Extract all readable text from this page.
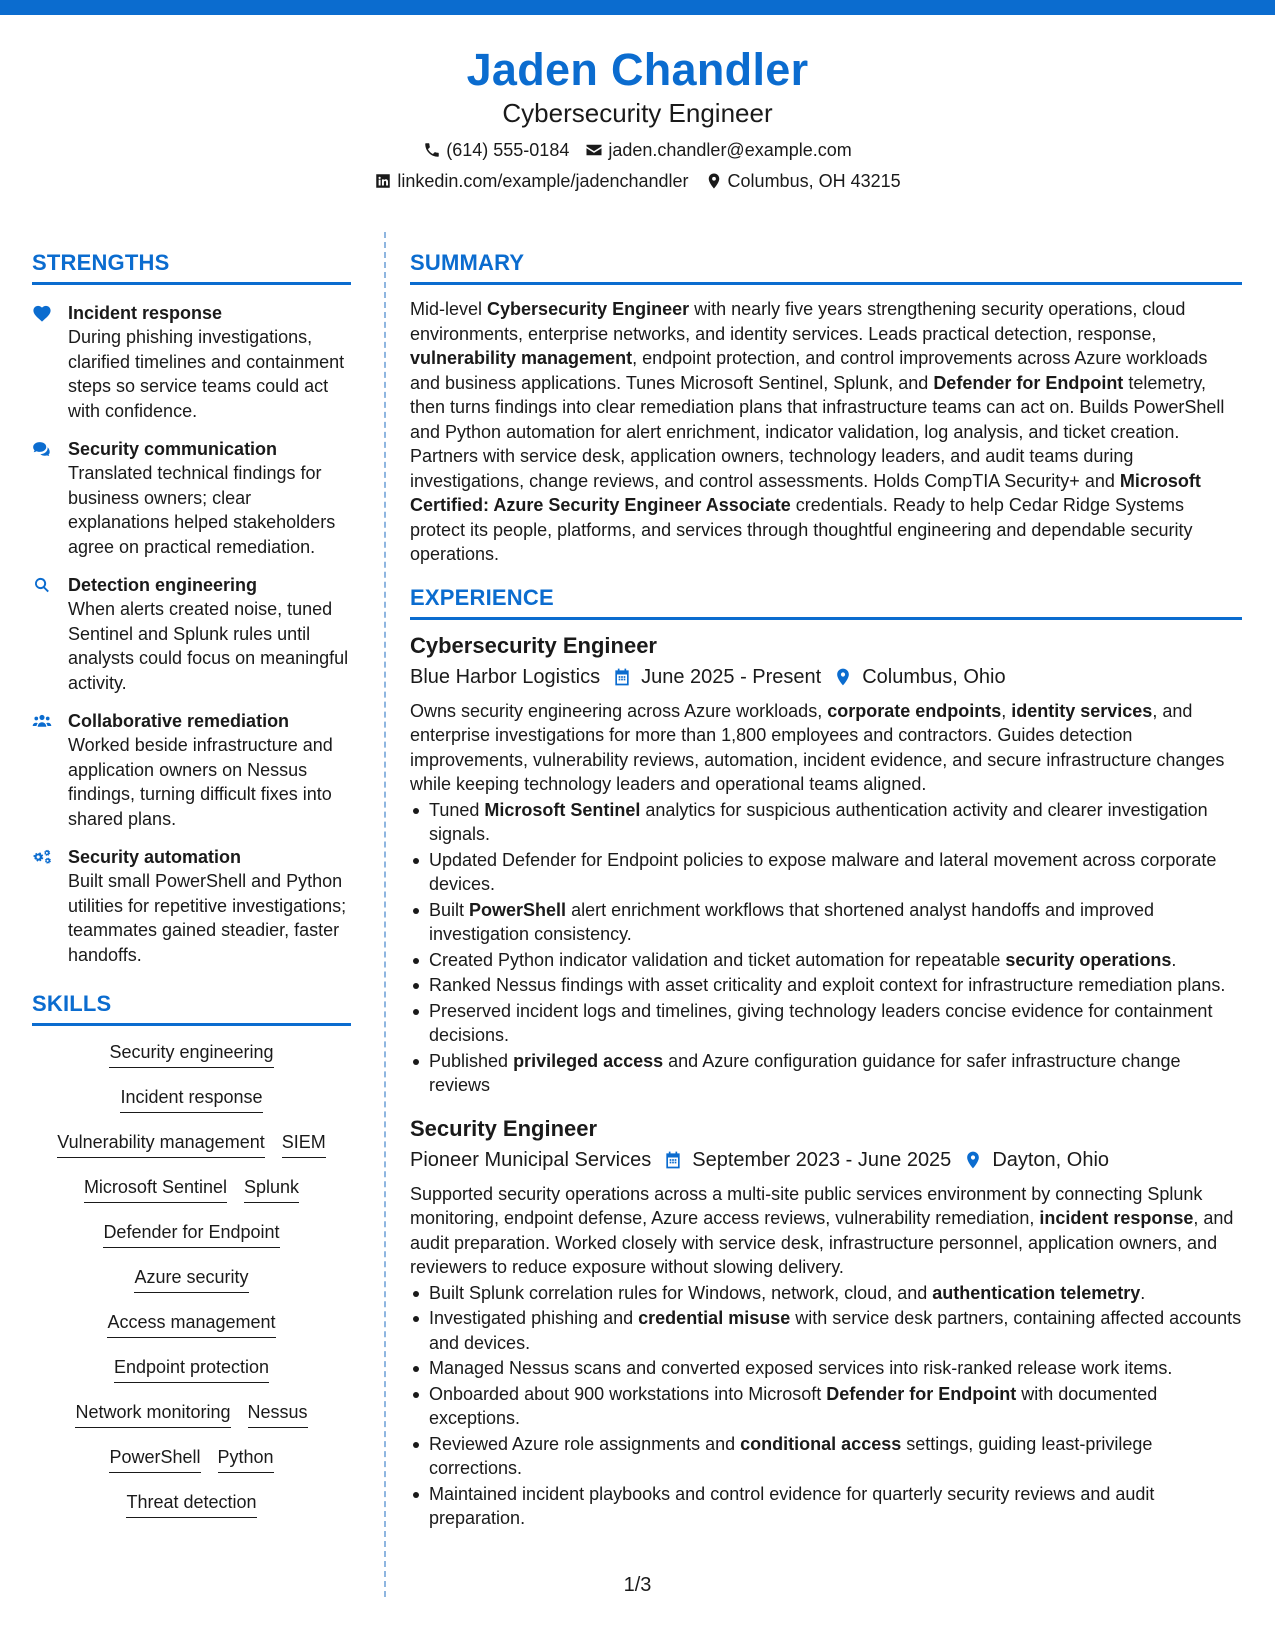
Jaden Chandler
Cybersecurity Engineer
(614) 555-0184 jaden.chandler@example.com
linkedin.com/example/jadenchandler Columbus, OH 43215
STRENGTHS
Incident response
During phishing investigations, clarified timelines and containment steps so service teams could act with confidence.
Security communication
Translated technical findings for business owners; clear explanations helped stakeholders agree on practical remediation.
Detection engineering
When alerts created noise, tuned Sentinel and Splunk rules until analysts could focus on meaningful activity.
Collaborative remediation
Worked beside infrastructure and application owners on Nessus findings, turning difficult fixes into shared plans.
Security automation
Built small PowerShell and Python utilities for repetitive investigations; teammates gained steadier, faster handoffs.
SKILLS
Security engineering
Incident response
Vulnerability management SIEM
Microsoft Sentinel Splunk
Defender for Endpoint
Azure security
Access management
Endpoint protection
Network monitoring Nessus
PowerShell Python
Threat detection
SUMMARY
Mid-level Cybersecurity Engineer with nearly five years strengthening security operations, cloud environments, enterprise networks, and identity services. Leads practical detection, response, vulnerability management, endpoint protection, and control improvements across Azure workloads and business applications. Tunes Microsoft Sentinel, Splunk, and Defender for Endpoint telemetry, then turns findings into clear remediation plans that infrastructure teams can act on. Builds PowerShell and Python automation for alert enrichment, indicator validation, log analysis, and ticket creation. Partners with service desk, application owners, technology leaders, and audit teams during investigations, change reviews, and control assessments. Holds CompTIA Security+ and Microsoft Certified: Azure Security Engineer Associate credentials. Ready to help Cedar Ridge Systems protect its people, platforms, and services through thoughtful engineering and dependable security operations.
EXPERIENCE
Cybersecurity Engineer
Blue Harbor Logistics June 2025 - Present Columbus, Ohio
Owns security engineering across Azure workloads, corporate endpoints, identity services, and enterprise investigations for more than 1,800 employees and contractors. Guides detection improvements, vulnerability reviews, automation, incident evidence, and secure infrastructure changes while keeping technology leaders and operational teams aligned.
Tuned Microsoft Sentinel analytics for suspicious authentication activity and clearer investigation signals.
Updated Defender for Endpoint policies to expose malware and lateral movement across corporate devices.
Built PowerShell alert enrichment workflows that shortened analyst handoffs and improved investigation consistency.
Created Python indicator validation and ticket automation for repeatable security operations.
Ranked Nessus findings with asset criticality and exploit context for infrastructure remediation plans.
Preserved incident logs and timelines, giving technology leaders concise evidence for containment decisions.
Published privileged access and Azure configuration guidance for safer infrastructure change reviews
Security Engineer
Pioneer Municipal Services September 2023 - June 2025 Dayton, Ohio
Supported security operations across a multi-site public services environment by connecting Splunk monitoring, endpoint defense, Azure access reviews, vulnerability remediation, incident response, and audit preparation. Worked closely with service desk, infrastructure personnel, application owners, and reviewers to reduce exposure without slowing delivery.
Built Splunk correlation rules for Windows, network, cloud, and authentication telemetry.
Investigated phishing and credential misuse with service desk partners, containing affected accounts and devices.
Managed Nessus scans and converted exposed services into risk-ranked release work items.
Onboarded about 900 workstations into Microsoft Defender for Endpoint with documented exceptions.
Reviewed Azure role assignments and conditional access settings, guiding least-privilege corrections.
Maintained incident playbooks and control evidence for quarterly security reviews and audit preparation.
1/3
